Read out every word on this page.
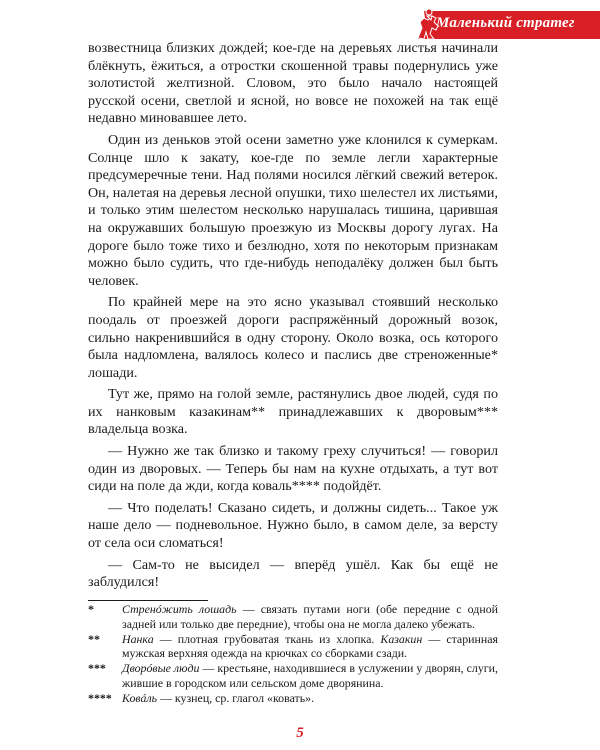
Маленький стратег

возвестница близких дождей; кое-где на деревьях листья начинали блёкнуть, ёжиться, а отростки скошенной травы подернулись уже золотистой желтизной. Словом, это было начало настоящей русской осени, светлой и ясной, но вовсе не похожей на так ещё недавно миновавшее лето.

Один из деньков этой осени заметно уже клонился к сумеркам. Солнце шло к закату, кое-где по земле легли характерные предсумеречные тени. Над полями носился лёгкий свежий ветерок. Он, налетая на деревья лесной опушки, тихо шелестел их листьями, и только этим шелестом несколько нарушалась тишина, царившая на окружавших большую проезжую из Москвы дорогу лугах. На дороге было тоже тихо и безлюдно, хотя по некоторым признакам можно было судить, что где-нибудь неподалёку должен был быть человек.

По крайней мере на это ясно указывал стоявший несколько поодаль от проезжей дороги распряжённый дорожный возок, сильно накренившийся в одну сторону. Около возка, ось которого была надломлена, валялось колесо и паслись две стреноженные* лошади.

Тут же, прямо на голой земле, растянулись двое людей, судя по их нанковым казакинам** принадлежавших к дворовым*** владельца возка.

— Нужно же так близко и такому греху случиться! — говорил один из дворовых. — Теперь бы нам на кухне отдыхать, а тут вот сиди на поле да жди, когда коваль**** подойдёт.

— Что поделать! Сказано сидеть, и должны сидеть... Такое уж наше дело — подневольное. Нужно было, в самом деле, за версту от села оси сломаться!

— Сам-то не высидел — вперёд ушёл. Как бы ещё не заблудился!

* Стренóжить лошадь — связать путами ноги (обе передние с одной задней или только две передние), чтобы она не могла далеко убежать.

** Нанка — плотная грубоватая ткань из хлопка. Казакин — старинная мужская верхняя одежда на крючках со сборками сзади.

*** Дворóвые люди — крестьяне, находившиеся в услужении у дворян, слуги, жившие в городском или сельском доме дворянина.

**** Ковáль — кузнец, ср. глагол «ковать».

5
